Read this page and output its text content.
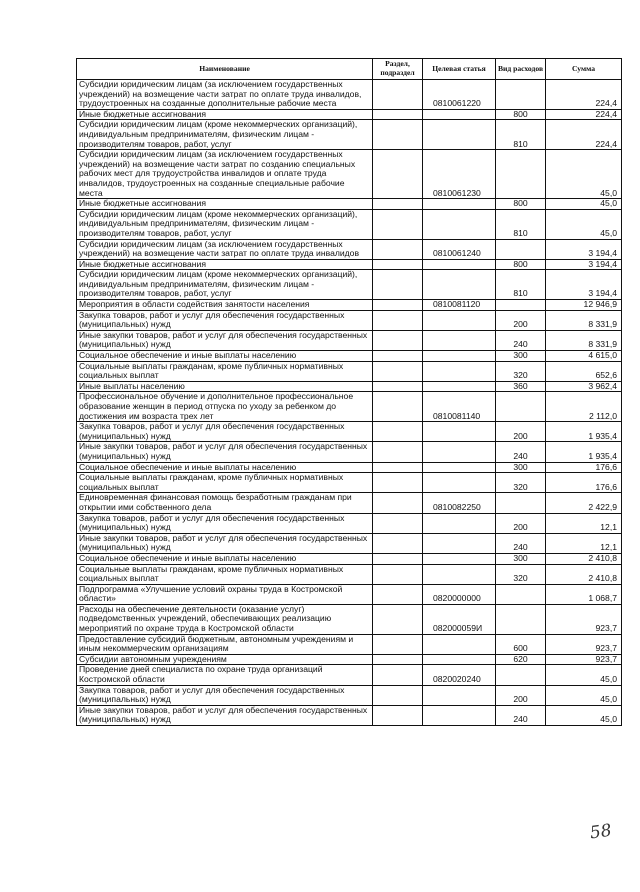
Наименование	Раздел, подраздел	Целевая статья	Вид расходов	Сумма
Субсидии юридическим лицам (за исключением государственных учреждений) на возмещение части затрат по оплате труда инвалидов, трудоустроенных на созданные дополнительные рабочие места		0810061220		224,4
Иные бюджетные ассигнования			800	224,4
Субсидии юридическим лицам (кроме некоммерческих организаций), индивидуальным предпринимателям, физическим лицам - производителям товаров, работ, услуг			810	224,4
Субсидии юридическим лицам (за исключением государственных учреждений) на возмещение части затрат по созданию специальных рабочих мест для трудоустройства инвалидов и оплате труда инвалидов, трудоустроенных на созданные специальные рабочие места		0810061230		45,0
Иные бюджетные ассигнования			800	45,0
Субсидии юридическим лицам (кроме некоммерческих организаций), индивидуальным предпринимателям, физическим лицам - производителям товаров, работ, услуг			810	45,0
Субсидии юридическим лицам (за исключением государственных учреждений) на возмещение части затрат по оплате труда инвалидов		0810061240		3 194,4
Иные бюджетные ассигнования			800	3 194,4
Субсидии юридическим лицам (кроме некоммерческих организаций), индивидуальным предпринимателям, физическим лицам - производителям товаров, работ, услуг			810	3 194,4
Мероприятия в области содействия занятости населения		0810081120		12 946,9
Закупка товаров, работ и услуг для обеспечения государственных (муниципальных) нужд			200	8 331,9
Иные закупки товаров, работ и услуг для обеспечения государственных (муниципальных) нужд			240	8 331,9
Социальное обеспечение и иные выплаты населению			300	4 615,0
Социальные выплаты гражданам, кроме публичных нормативных социальных выплат			320	652,6
Иные выплаты населению			360	3 962,4
Профессиональное обучение и дополнительное профессиональное образование женщин в период отпуска по уходу за ребенком до достижения им возраста трех лет		0810081140		2 112,0
Закупка товаров, работ и услуг для обеспечения государственных (муниципальных) нужд			200	1 935,4
Иные закупки товаров, работ и услуг для обеспечения государственных (муниципальных) нужд			240	1 935,4
Социальное обеспечение и иные выплаты населению			300	176,6
Социальные выплаты гражданам, кроме публичных нормативных социальных выплат			320	176,6
Единовременная финансовая помощь безработным гражданам при открытии ими собственного дела		0810082250		2 422,9
Закупка товаров, работ и услуг для обеспечения государственных (муниципальных) нужд			200	12,1
Иные закупки товаров, работ и услуг для обеспечения государственных (муниципальных) нужд			240	12,1
Социальное обеспечение и иные выплаты населению			300	2 410,8
Социальные выплаты гражданам, кроме публичных нормативных социальных выплат			320	2 410,8
Подпрограмма «Улучшение условий охраны труда в Костромской области»		0820000000		1 068,7
Расходы на обеспечение деятельности (оказание услуг) подведомственных учреждений, обеспечивающих реализацию мероприятий по охране труда в Костромской области		082000059И		923,7
Предоставление субсидий бюджетным, автономным учреждениям и иным некоммерческим организациям			600	923,7
Субсидии автономным учреждениям			620	923,7
Проведение дней специалиста по охране труда организаций Костромской области		0820020240		45,0
Закупка товаров, работ и услуг для обеспечения государственных (муниципальных) нужд			200	45,0
Иные закупки товаров, работ и услуг для обеспечения государственных (муниципальных) нужд			240	45,0
58
